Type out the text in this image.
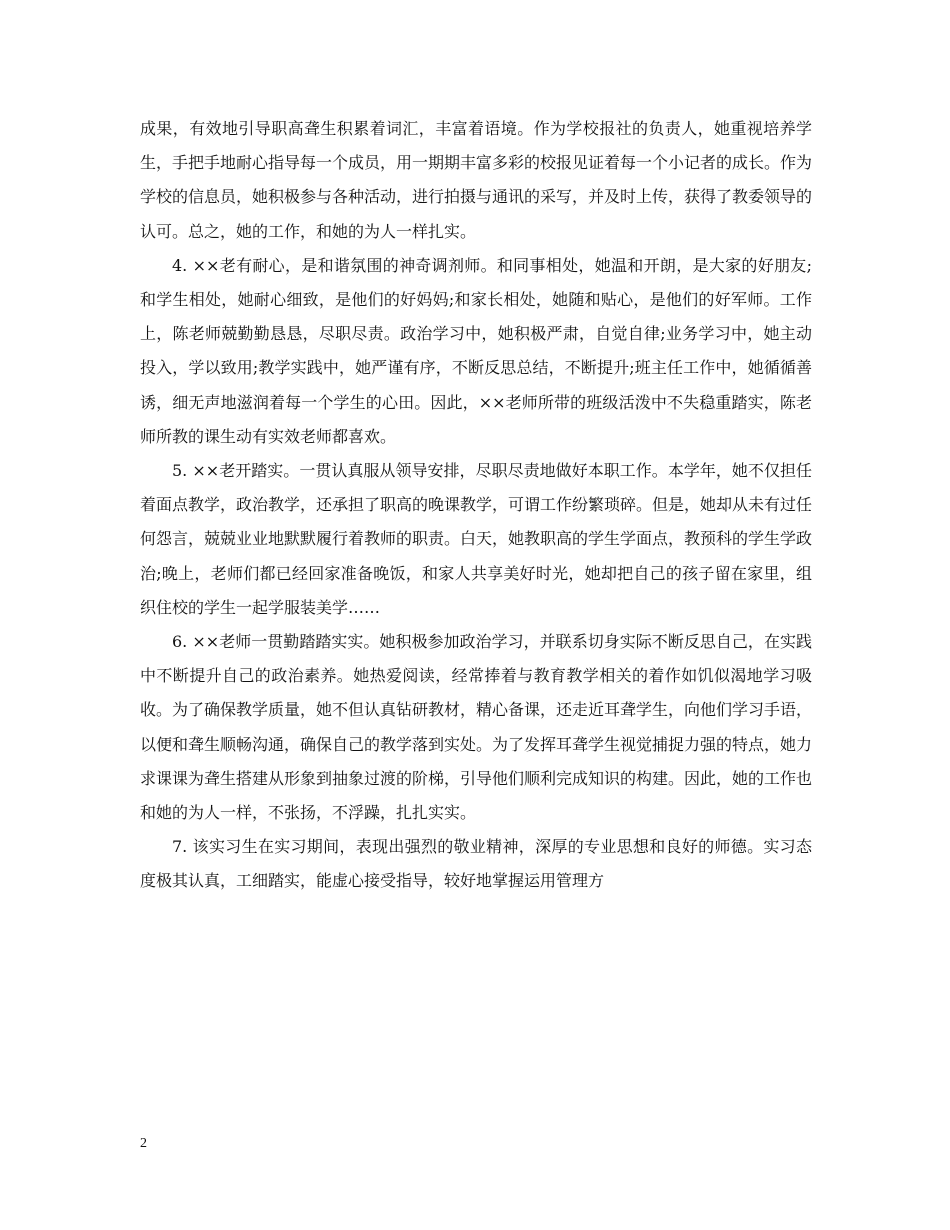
成果，有效地引导职高聋生积累着词汇，丰富着语境。作为学校报社的负责人，她重视培养学生，手把手地耐心指导每一个成员，用一期期丰富多彩的校报见证着每一个小记者的成长。作为学校的信息员，她积极参与各种活动，进行拍摄与通讯的采写，并及时上传，获得了教委领导的认可。总之，她的工作，和她的为人一样扎实。

4. ××老有耐心，是和谐氛围的神奇调剂师。和同事相处，她温和开朗，是大家的好朋友;和学生相处，她耐心细致，是他们的好妈妈;和家长相处，她随和贴心，是他们的好军师。工作上，陈老师兢勤勤恳恳，尽职尽责。政治学习中，她积极严肃，自觉自律;业务学习中，她主动投入，学以致用;教学实践中，她严谨有序，不断反思总结，不断提升;班主任工作中，她循循善诱，细无声地滋润着每一个学生的心田。因此，××老师所带的班级活泼中不失稳重踏实，陈老师所教的课生动有实效老师都喜欢。

5. ××老开踏实。一贯认真服从领导安排，尽职尽责地做好本职工作。本学年，她不仅担任着面点教学，政治教学，还承担了职高的晚课教学，可谓工作纷繁琐碎。但是，她却从未有过任何怨言，兢兢业业地默默履行着教师的职责。白天，她教职高的学生学面点，教预科的学生学政治;晚上，老师们都已经回家准备晚饭，和家人共享美好时光，她却把自己的孩子留在家里，组织住校的学生一起学服装美学……

6. ××老师一贯勤踏踏实实。她积极参加政治学习，并联系切身实际不断反思自己，在实践中不断提升自己的政治素养。她热爱阅读，经常捧着与教育教学相关的着作如饥似渴地学习吸收。为了确保教学质量，她不但认真钻研教材，精心备课，还走近耳聋学生，向他们学习手语，以便和聋生顺畅沟通，确保自己的教学落到实处。为了发挥耳聋学生视觉捕捉力强的特点，她力求课课为聋生搭建从形象到抽象过渡的阶梯，引导他们顺利完成知识的构建。因此，她的工作也和她的为人一样，不张扬，不浮躁，扎扎实实。

7. 该实习生在实习期间，表现出强烈的敬业精神，深厚的专业思想和良好的师德。实习态度极其认真，工细踏实，能虚心接受指导，较好地掌握运用管理方

2
